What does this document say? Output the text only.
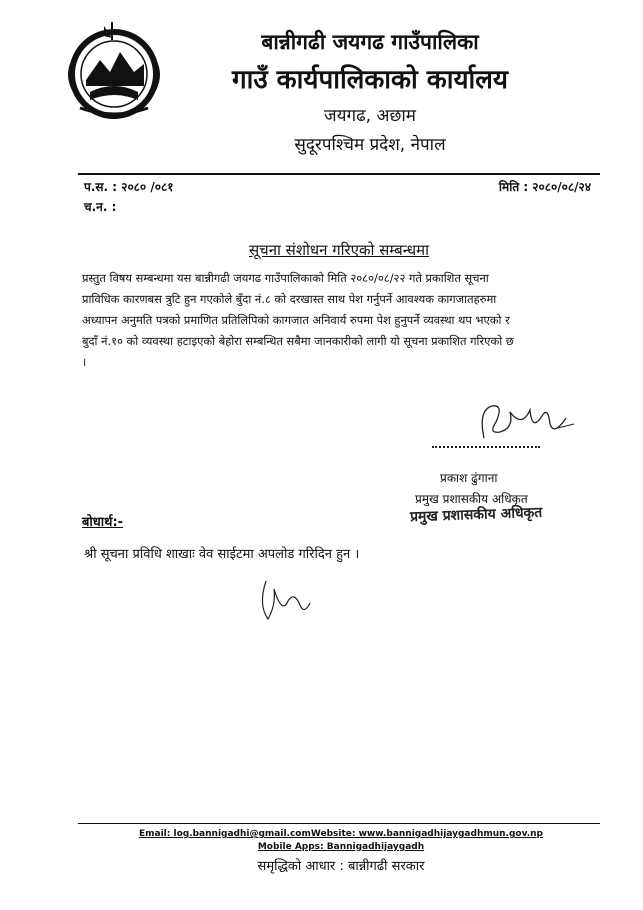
बान्नीगढी जयगढ गाउँपालिका
गाउँ कार्यपालिकाको कार्यालय
जयगढ, अछाम
सुदूरपश्चिम प्रदेश, नेपाल
प.स. : २०८० /०८१
च.न. :
मिति : २०८०/०८/२४
सूचना संशोधन गरिएको सम्बन्धमा
प्रस्तुत विषय सम्बन्धमा यस बान्नीगढी जयगढ गाउँपालिकाको मिति २०८०/०८/२२ गते प्रकाशित सूचना
प्राविधिक कारणबस त्रुटि हुन गएकोले बुँदा नं.८ को दरखास्त साथ पेश गर्नुपर्ने आवश्यक कागजातहरुमा
अध्यापन अनुमति पत्रको प्रमाणित प्रतिलिपिको कागजात अनिवार्य रुपमा पेश हुनुपर्ने व्यवस्था थप भएको र
बुदाँ नं.१० को व्यवस्था हटाइएको बेहोरा सम्बन्धित सबैमा जानकारीको लागी यो सूचना प्रकाशित गरिएको छ
।
प्रकाश ढुंगाना
प्रमुख प्रशासकीय अधिकृत
प्रमुख प्रशासकीय अधिकृत
बोधार्थ:-
श्री सूचना प्रविधि शाखाः वेव साईटमा अपलोड गरिदिन हुन ।
Email: log.bannigadhi@gmail.comWebsite: www.bannigadhijaygadhmun.gov.np
Mobile Apps: Bannigadhijaygadh
समृद्धिको आधार : बान्नीगढी सरकार
